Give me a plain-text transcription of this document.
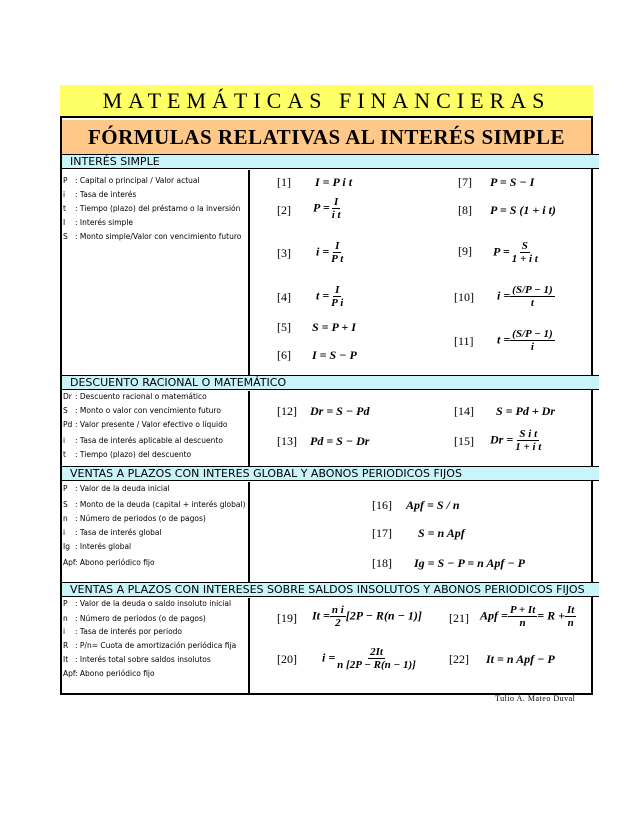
MATEMÁTICAS FINANCIERAS
FÓRMULAS RELATIVAS AL INTERÉS SIMPLE
INTERÉS SIMPLE
DESCUENTO RACIONAL O MATEMÁTICO
VENTAS A PLAZOS CON INTERES GLOBAL Y ABONOS PERIODICOS FIJOS
VENTAS A PLAZOS CON INTERESES SOBRE SALDOS INSOLUTOS Y ABONOS PERIODICOS FIJOS
P : Capital o principal / Valor actual
i : Tasa de interés
t : Tiempo (plazo) del préstamo o la inversión
I : Interés simple
S : Monto simple/Valor con vencimiento futuro
[1] I = P i t
[2] $P = \frac{I}{\text{i t}}$
[3] $i = \frac{I}{\text{P t}}$
[4] $t = \frac{I}{\text{P i}}$
[5] S = P + I
[6] I = S − P
[7] P = S − I
[8] P = S (1 + i t)
[9] $P = \frac{S}{\text{1 + i t}}$
[10] $i = \frac{(S/P - 1)}{t}$
[11] $t = \frac{(S/P - 1)}{i}$
Dr : Descuento racional o matemático
S : Monto o valor con vencimiento futuro
Pd : Valor presente / Valor efectivo o líquido
i : Tasa de interés aplicable al descuento
t : Tiempo (plazo) del descuento
[12] Dr = S − Pd
[13] Pd = S − Dr
[14] S = Pd + Dr
[15] $Dr = \frac{\text{S i t}}{\text{1 + i t}}$
P : Valor de la deuda inicial
S : Monto de la deuda (capital + interés global)
n : Número de periodos (o de pagos)
i : Tasa de interés global
Ig : Interés global
Apf: Abono periódico fijo
[16] Apf = S / n
[17] S = n Apf
[18] Ig = S − P = n Apf − P
P : Valor de la deuda o saldo insoluto inicial
n : Número de periodos (o de pagos)
i : Tasa de interés por periodo
R : P/n= Cuota de amortización periódica fija
It : Interés total sobre saldos insolutos
Apf: Abono periódico fijo
[19] $It = \frac{\text{n i}}{2} [2P - R(n - 1)]$
[20] $i = \frac{2It}{n [2P - R(n - 1)]}$
[21] Apf = $\frac{P + It}{n} = R + \frac{It}{n}$
[22] It = n Apf − P
Tulio A. Mateo Duval
